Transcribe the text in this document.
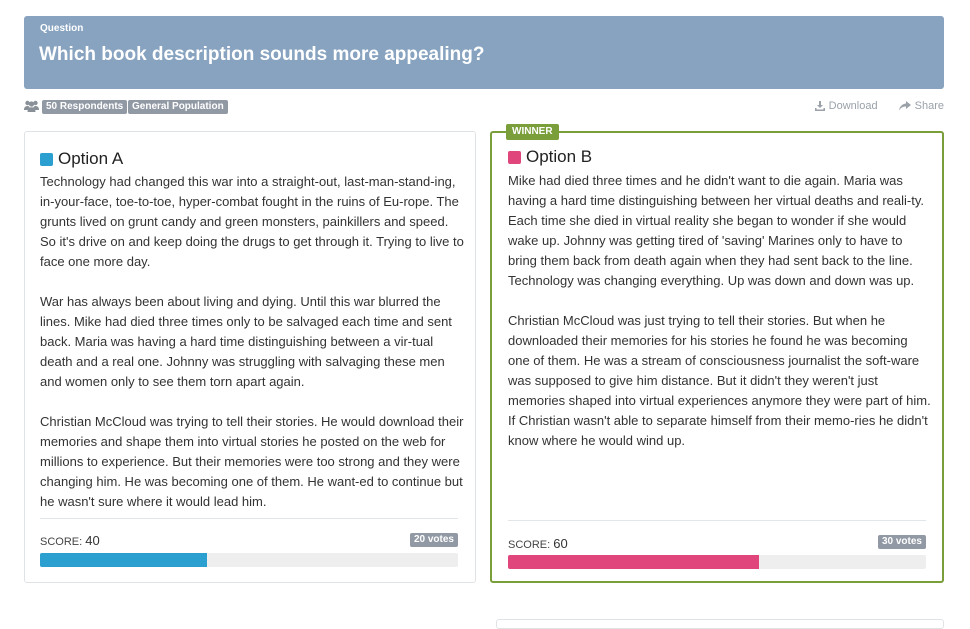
Question
Which book description sounds more appealing?
50 Respondents General Population	Download
	Share
Option A

Technology had changed this war into a straight-out, last-man-stand-ing, in-your-face, toe-to-toe, hyper-combat fought in the ruins of Eu-rope. The grunts lived on grunt candy and green monsters, painkillers and speed. So it's drive on and keep doing the drugs to get through it. Trying to live to face one more day.

War has always been about living and dying. Until this war blurred the lines. Mike had died three times only to be salvaged each time and sent back. Maria was having a hard time distinguishing between a vir-tual death and a real one. Johnny was struggling with salvaging these men and women only to see them torn apart again.

Christian McCloud was trying to tell their stories. He would download their memories and shape them into virtual stories he posted on the web for millions to experience. But their memories were too strong and they were changing him. He was becoming one of them. He want-ed to continue but he wasn't sure where it would lead him.

SCORE: 40	20 votes
WINNER
Option B

Mike had died three times and he didn't want to die again. Maria was having a hard time distinguishing between her virtual deaths and reali-ty. Each time she died in virtual reality she began to wonder if she would wake up. Johnny was getting tired of 'saving' Marines only to have to bring them back from death again when they had sent back to the line. Technology was changing everything. Up was down and down was up.

Christian McCloud was just trying to tell their stories. But when he downloaded their memories for his stories he found he was becoming one of them. He was a stream of consciousness journalist the soft-ware was supposed to give him distance. But it didn't they weren't just memories shaped into virtual experiences anymore they were part of him. If Christian wasn't able to separate himself from their memo-ries he didn't know where he would wind up.

SCORE: 60	30 votes
